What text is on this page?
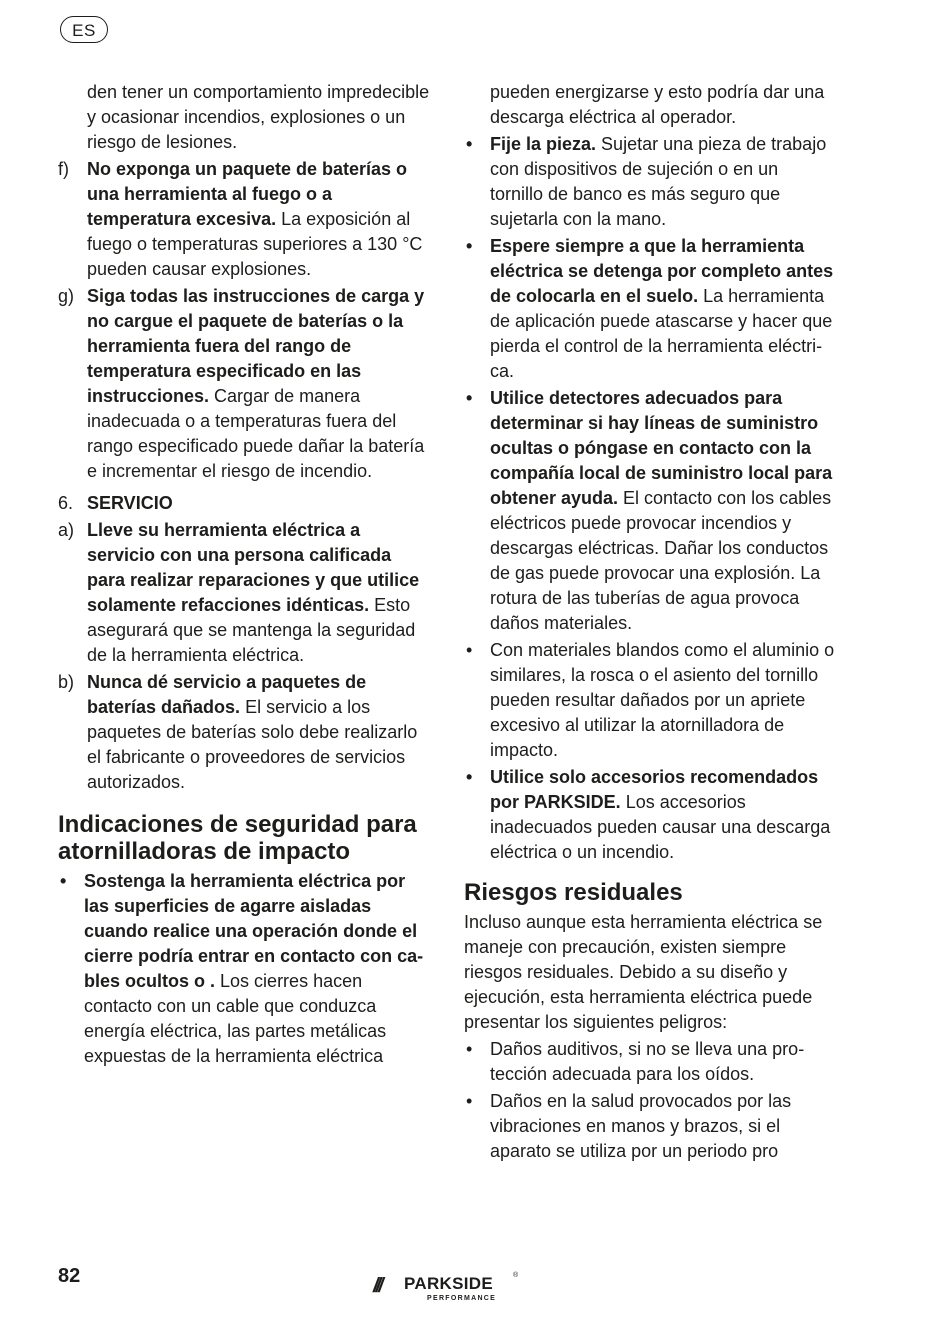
ES

den tener un comportamiento impredecible y ocasionar incendios, explosiones o un riesgo de lesiones.

f) No exponga un paquete de baterías o una herramienta al fuego o a temperatura excesiva. La exposición al fuego o temperaturas superiores a 130 °C pueden causar explosiones.

g) Siga todas las instrucciones de carga y no cargue el paquete de baterías o la herramienta fuera del rango de temperatura especificado en las instrucciones. Cargar de manera inadecuada o a temperaturas fuera del rango especificado puede dañar la batería e incrementar el riesgo de incendio.

6. SERVICIO

a) Lleve su herramienta eléctrica a servicio con una persona calificada para realizar reparaciones y que utilice solamente refacciones idénticas. Esto asegurará que se mantenga la seguridad de la herramienta eléctrica.

b) Nunca dé servicio a paquetes de baterías dañados. El servicio a los paquetes de baterías solo debe realizarlo el fabricante o proveedores de servicios autorizados.

Indicaciones de seguridad para atornilladoras de impacto

• Sostenga la herramienta eléctrica por las superficies de agarre aisladas cuando realice una operación donde el cierre podría entrar en contacto con cables ocultos o . Los cierres hacen contacto con un cable que conduzca energía eléctrica, las partes metálicas expuestas de la herramienta eléctrica

pueden energizarse y esto podría dar una descarga eléctrica al operador.

• Fije la pieza. Sujetar una pieza de trabajo con dispositivos de sujeción o en un tornillo de banco es más seguro que sujetarla con la mano.

• Espere siempre a que la herramienta eléctrica se detenga por completo antes de colocarla en el suelo. La herramienta de aplicación puede atascarse y hacer que pierda el control de la herramienta eléctrica.

• Utilice detectores adecuados para determinar si hay líneas de suministro ocultas o póngase en contacto con la compañía local de suministro local para obtener ayuda. El contacto con los cables eléctricos puede provocar incendios y descargas eléctricas. Dañar los conductos de gas puede provocar una explosión. La rotura de las tuberías de agua provoca daños materiales.

• Con materiales blandos como el aluminio o similares, la rosca o el asiento del tornillo pueden resultar dañados por un apriete excesivo al utilizar la atornilladora de impacto.

• Utilice solo accesorios recomendados por PARKSIDE. Los accesorios inadecuados pueden causar una descarga eléctrica o un incendio.

Riesgos residuales

Incluso aunque esta herramienta eléctrica se maneje con precaución, existen siempre riesgos residuales. Debido a su diseño y ejecución, esta herramienta eléctrica puede presentar los siguientes peligros:

• Daños auditivos, si no se lleva una protección adecuada para los oídos.

• Daños en la salud provocados por las vibraciones en manos y brazos, si el aparato se utiliza por un periodo pro

82	/// PARKSIDE	®
PERFORMANCE
